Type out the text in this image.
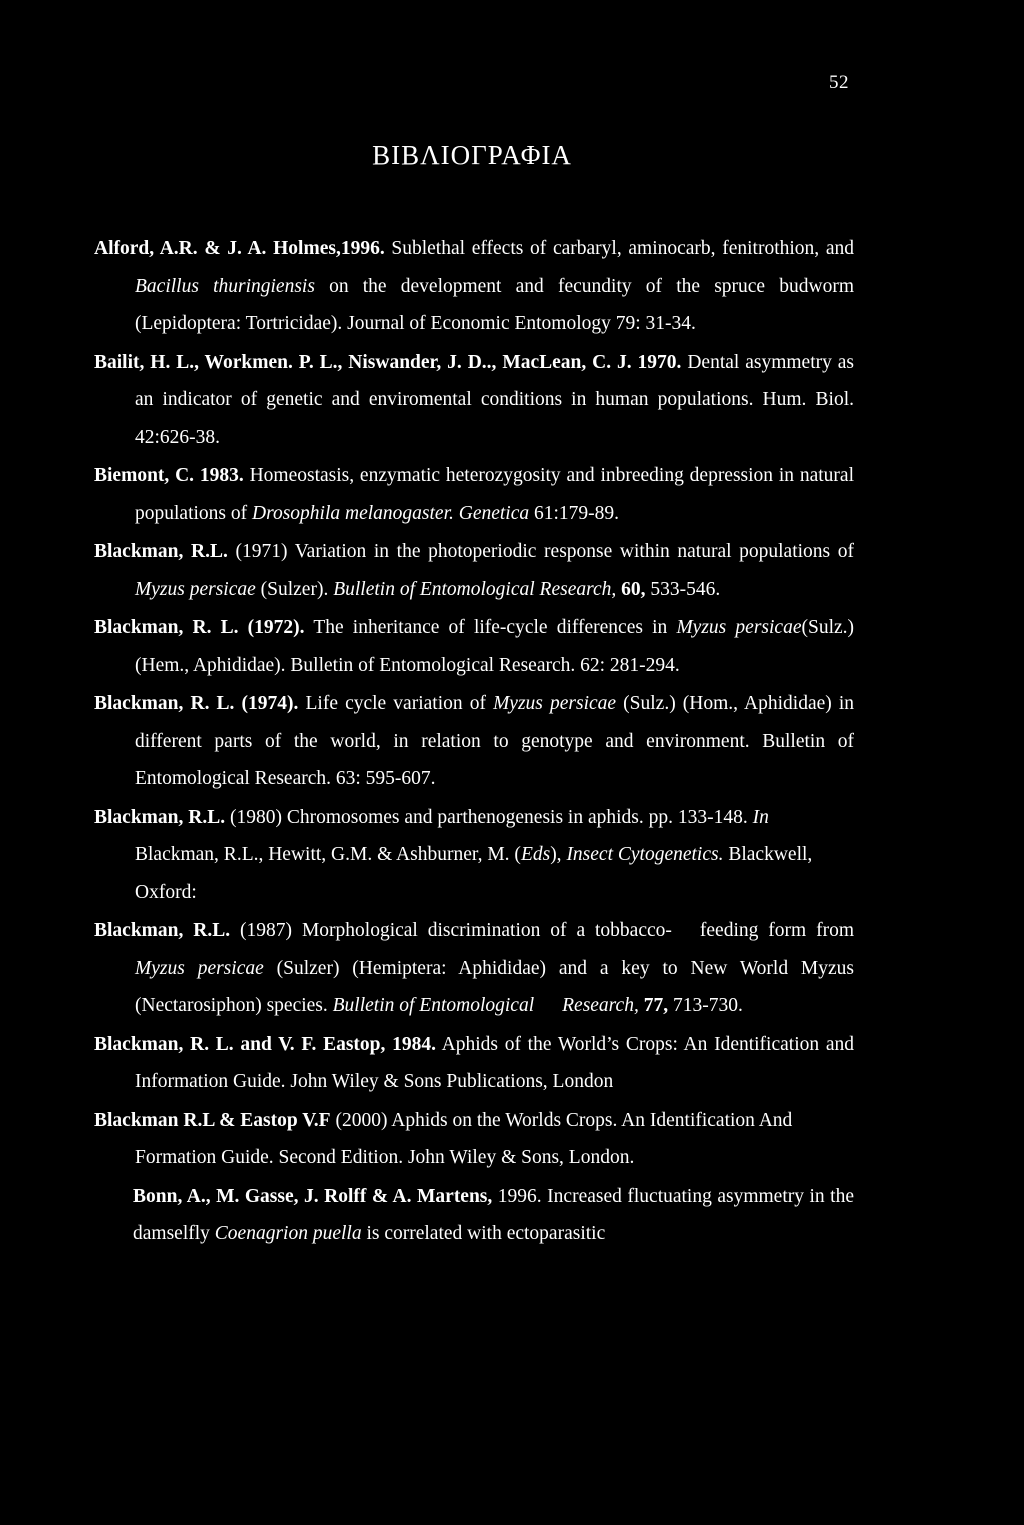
52
ΒΙΒΛΙΟΓΡΑΦΙΑ

Alford, A.R. & J. A. Holmes,1996. Sublethal effects of carbaryl, aminocarb, fenitrothion, and Bacillus thuringiensis on the development and fecundity of the spruce budworm (Lepidoptera: Tortricidae). Journal of Economic Entomology 79: 31-34.

Bailit, H. L., Workmen. P. L., Niswander, J. D.., MacLean, C. J. 1970. Dental asymmetry as an indicator of genetic and enviromental conditions in human populations. Hum. Biol. 42:626-38.

Biemont, C. 1983. Homeostasis, enzymatic heterozygosity and inbreeding depression in natural populations of Drosophila melanogaster. Genetica 61:179-89.

Blackman, R.L. (1971) Variation in the photoperiodic response within natural populations of Myzus persicae (Sulzer). Bulletin of Entomological Research, 60, 533-546.

Blackman, R. L. (1972). The inheritance of life-cycle differences in Myzus persicae(Sulz.) (Hem., Aphididae). Bulletin of Entomological Research. 62: 281-294.

Blackman, R. L. (1974). Life cycle variation of Myzus persicae (Sulz.) (Hom., Aphididae) in different parts of the world, in relation to genotype and environment. Bulletin of Entomological Research. 63: 595-607.

Blackman, R.L. (1980) Chromosomes and parthenogenesis in aphids. pp. 133-148. In Blackman, R.L., Hewitt, G.M. & Ashburner, M. (Eds), Insect Cytogenetics. Blackwell, Oxford:

Blackman, R.L. (1987) Morphological discrimination of a tobbacco- feeding form from Myzus persicae (Sulzer) (Hemiptera: Aphididae) and a key to New World Myzus (Nectarosiphon) species. Bulletin of Entomological Research, 77, 713-730.

Blackman, R. L. and V. F. Eastop, 1984. Aphids of the World’s Crops: An Identification and Information Guide. John Wiley & Sons Publications, London

Blackman R.L & Eastop V.F (2000) Aphids on the Worlds Crops. An Identification And Formation Guide. Second Edition. John Wiley & Sons, London.

Bonn, A., M. Gasse, J. Rolff & A. Martens, 1996. Increased fluctuating asymmetry in the damselfly Coenagrion puella is correlated with ectoparasitic
